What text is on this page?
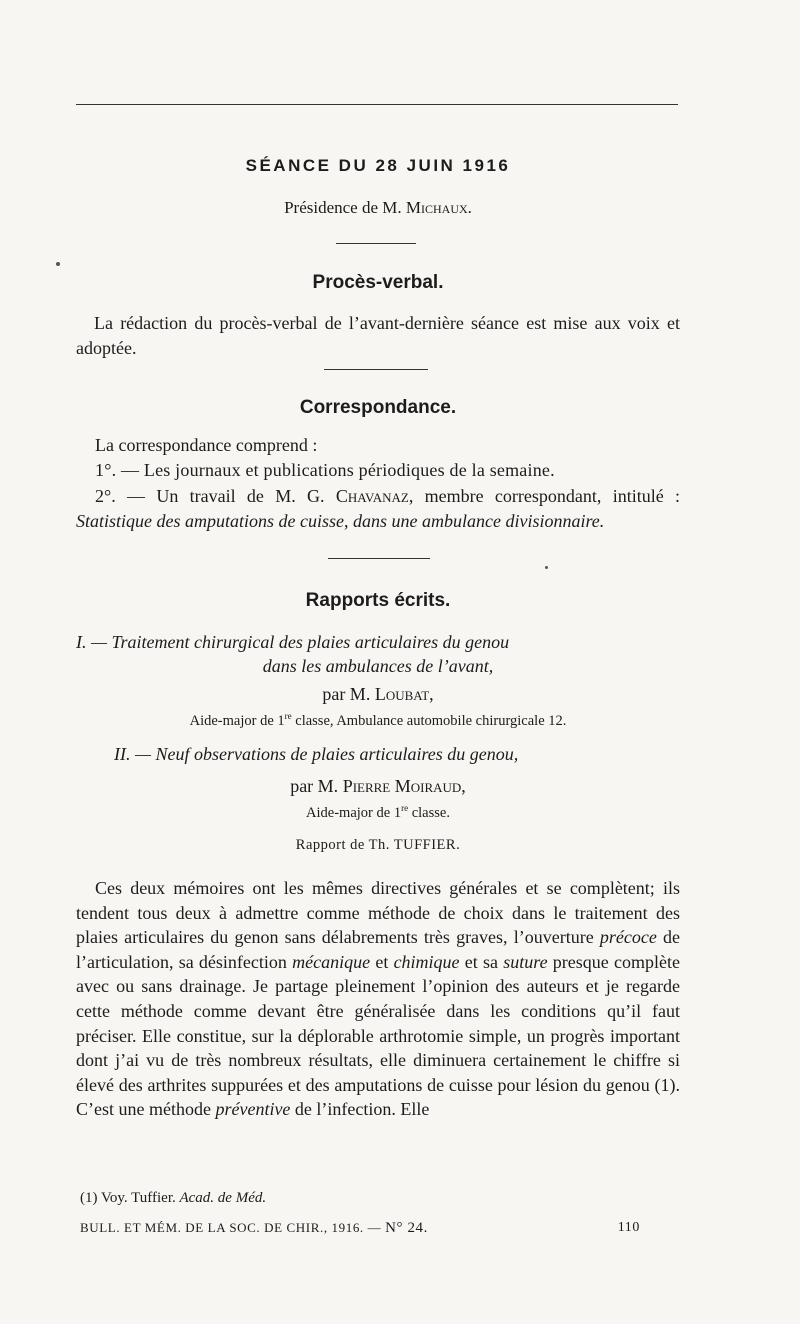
SÉANCE DU 28 JUIN 1916
Présidence de M. Michaux.
Procès-verbal.
La rédaction du procès-verbal de l’avant-dernière séance est mise aux voix et adoptée.
Correspondance.
La correspondance comprend :
1°. — Les journaux et publications périodiques de la semaine.
2°. — Un travail de M. G. Chavanaz, membre correspondant, intitulé : Statistique des amputations de cuisse, dans une ambulance divisionnaire.
Rapports écrits.
I. — Traitement chirurgical des plaies articulaires du genou
dans les ambulances de l’avant,
par M. Loubat,
Aide-major de 1re classe, Ambulance automobile chirurgicale 12.
II. — Neuf observations de plaies articulaires du genou,
par M. Pierre Moiraud,
Aide-major de 1re classe.
Rapport de Th. TUFFIER.
Ces deux mémoires ont les mêmes directives générales et se complètent; ils tendent tous deux à admettre comme méthode de choix dans le traitement des plaies articulaires du genon sans délabrements très graves, l’ouverture précoce de l’articulation, sa désinfection mécanique et chimique et sa suture presque complète avec ou sans drainage. Je partage pleinement l’opinion des auteurs et je regarde cette méthode comme devant être généralisée dans les conditions qu’il faut préciser. Elle constitue, sur la déplorable arthrotomie simple, un progrès important dont j’ai vu de très nombreux résultats, elle diminuera certainement le chiffre si élevé des arthrites suppurées et des amputations de cuisse pour lésion du genou (1). C’est une méthode préventive de l’infection. Elle
(1) Voy. Tuffier. Acad. de Méd.
BULL. ET MÉM. DE LA SOC. DE CHIR., 1916. — N° 24.	110
